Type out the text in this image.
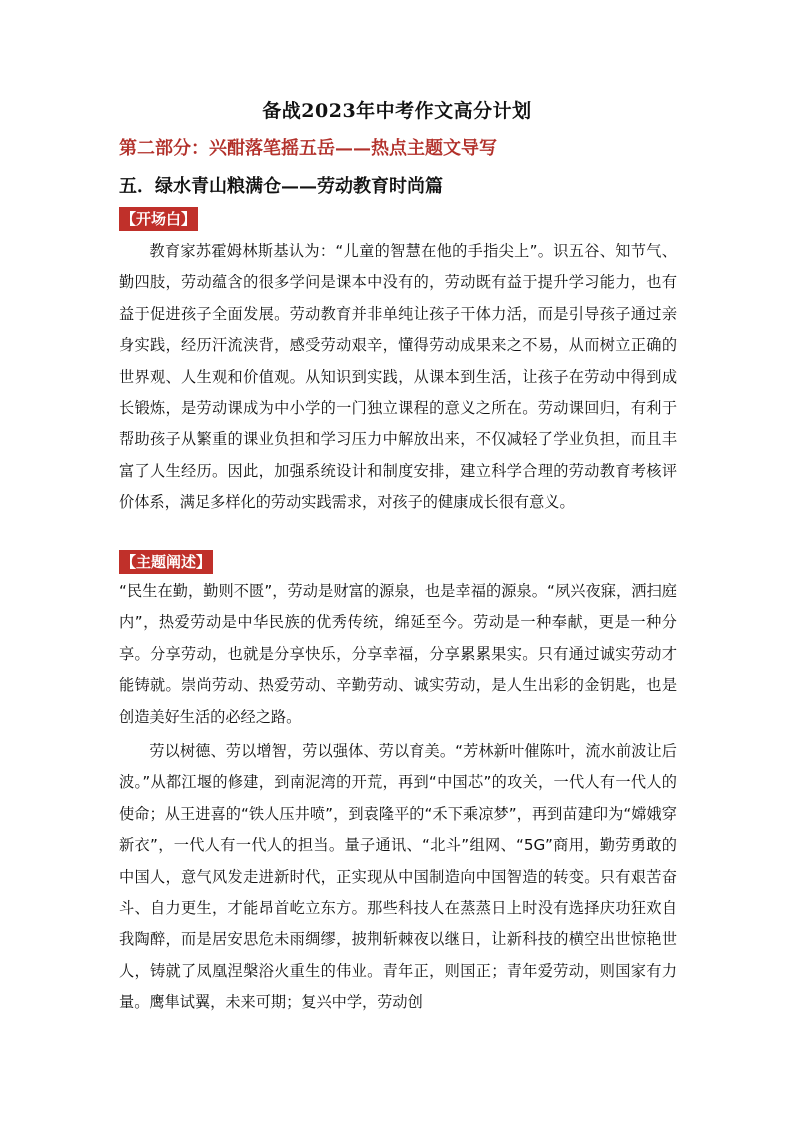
备战2023年中考作文高分计划
第二部分：兴酣落笔摇五岳——热点主题文导写
五．绿水青山粮满仓——劳动教育时尚篇
【开场白】

教育家苏霍姆林斯基认为：“儿童的智慧在他的手指尖上”。识五谷、知节气、勤四肢，劳动蕴含的很多学问是课本中没有的，劳动既有益于提升学习能力，也有益于促进孩子全面发展。劳动教育并非单纯让孩子干体力活，而是引导孩子通过亲身实践，经历汗流浃背，感受劳动艰辛，懂得劳动成果来之不易，从而树立正确的世界观、人生观和价值观。从知识到实践，从课本到生活，让孩子在劳动中得到成长锻炼，是劳动课成为中小学的一门独立课程的意义之所在。劳动课回归，有利于帮助孩子从繁重的课业负担和学习压力中解放出来，不仅减轻了学业负担，而且丰富了人生经历。因此，加强系统设计和制度安排，建立科学合理的劳动教育考核评价体系，满足多样化的劳动实践需求，对孩子的健康成长很有意义。

【主题阐述】

“民生在勤，勤则不匮”，劳动是财富的源泉，也是幸福的源泉。“夙兴夜寐，洒扫庭内”，热爱劳动是中华民族的优秀传统，绵延至今。劳动是一种奉献，更是一种分享。分享劳动，也就是分享快乐，分享幸福，分享累累果实。只有通过诚实劳动才能铸就。崇尚劳动、热爱劳动、辛勤劳动、诚实劳动，是人生出彩的金钥匙，也是创造美好生活的必经之路。

劳以树德、劳以增智，劳以强体、劳以育美。“芳林新叶催陈叶，流水前波让后波。”从都江堰的修建，到南泥湾的开荒，再到“中国芯”的攻关，一代人有一代人的使命；从王进喜的“铁人压井喷”，到袁隆平的“禾下乘凉梦”，再到苗建印为“嫦娥穿新衣”，一代人有一代人的担当。量子通讯、“北斗”组网、“5G”商用，勤劳勇敢的中国人，意气风发走进新时代，正实现从中国制造向中国智造的转变。只有艰苦奋斗、自力更生，才能昂首屹立东方。那些科技人在蒸蒸日上时没有选择庆功狂欢自我陶醉，而是居安思危未雨绸缪，披荆斩棘夜以继日，让新科技的横空出世惊艳世人，铸就了凤凰涅槃浴火重生的伟业。青年正，则国正；青年爱劳动，则国家有力量。鹰隼试翼，未来可期；复兴中学，劳动创
